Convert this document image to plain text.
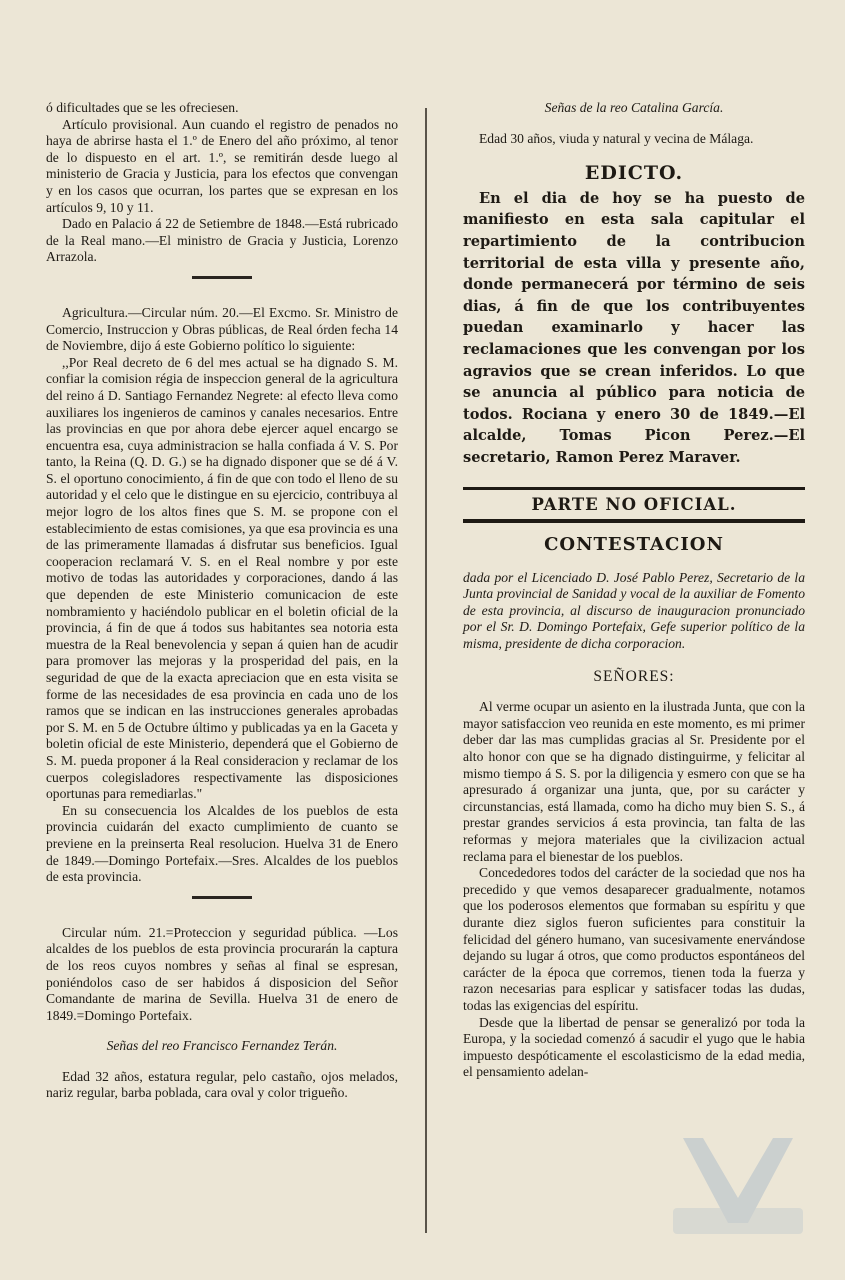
ó dificultades que se les ofreciesen.

Artículo provisional. Aun cuando el registro de penados no haya de abrirse hasta el 1.º de Enero del año próximo, al tenor de lo dispuesto en el art. 1.º, se remitirán desde luego al ministerio de Gracia y Justicia, para los efectos que convengan y en los casos que ocurran, los partes que se expresan en los artículos 9, 10 y 11.

Dado en Palacio á 22 de Setiembre de 1848.—Está rubricado de la Real mano.—El ministro de Gracia y Justicia, Lorenzo Arrazola.

Agricultura.—Circular núm. 20.—El Excmo. Sr. Ministro de Comercio, Instruccion y Obras públicas, de Real órden fecha 14 de Noviembre, dijo á este Gobierno político lo siguiente:

,,Por Real decreto de 6 del mes actual se ha dignado S. M. confiar la comision régia de inspeccion general de la agricultura del reino á D. Santiago Fernandez Negrete: al efecto lleva como auxiliares los ingenieros de caminos y canales necesarios. Entre las provincias en que por ahora debe ejercer aquel encargo se encuentra esa, cuya administracion se halla confiada á V. S. Por tanto, la Reina (Q. D. G.) se ha dignado disponer que se dé á V. S. el oportuno conocimiento, á fin de que con todo el lleno de su autoridad y el celo que le distingue en su ejercicio, contribuya al mejor logro de los altos fines que S. M. se propone con el establecimiento de estas comisiones, ya que esa provincia es una de las primeramente llamadas á disfrutar sus beneficios. Igual cooperacion reclamará V. S. en el Real nombre y por este motivo de todas las autoridades y corporaciones, dando á las que dependen de este Ministerio comunicacion de este nombramiento y haciéndolo publicar en el boletin oficial de la provincia, á fin de que á todos sus habitantes sea notoria esta muestra de la Real benevolencia y sepan á quien han de acudir para promover las mejoras y la prosperidad del pais, en la seguridad de que de la exacta apreciacion que en esta visita se forme de las necesidades de esa provincia en cada uno de los ramos que se indican en las instrucciones generales aprobadas por S. M. en 5 de Octubre último y publicadas ya en la Gaceta y boletin oficial de este Ministerio, dependerá que el Gobierno de S. M. pueda proponer á la Real consideracion y reclamar de los cuerpos colegisladores respectivamente las disposiciones oportunas para remediarlas."

En su consecuencia los Alcaldes de los pueblos de esta provincia cuidarán del exacto cumplimiento de cuanto se previene en la preinserta Real resolucion. Huelva 31 de Enero de 1849.—Domingo Portefaix.—Sres. Alcaldes de los pueblos de esta provincia.

Circular núm. 21.=Proteccion y seguridad pública. —Los alcaldes de los pueblos de esta provincia procurarán la captura de los reos cuyos nombres y señas al final se espresan, poniéndolos caso de ser habidos á disposicion del Señor Comandante de marina de Sevilla. Huelva 31 de enero de 1849.=Domingo Portefaix.

Señas del reo Francisco Fernandez Terán.

Edad 32 años, estatura regular, pelo castaño, ojos melados, nariz regular, barba poblada, cara oval y color trigueño.

Señas de la reo Catalina García.

Edad 30 años, viuda y natural y vecina de Málaga.

EDICTO.

En el dia de hoy se ha puesto de manifiesto en esta sala capitular el repartimiento de la contribucion territorial de esta villa y presente año, donde permanecerá por término de seis dias, á fin de que los contribuyentes puedan examinarlo y hacer las reclamaciones que les convengan por los agravios que se crean inferidos. Lo que se anuncia al público para noticia de todos. Rociana y enero 30 de 1849.—El alcalde, Tomas Picon Perez.—El secretario, Ramon Perez Maraver.

PARTE NO OFICIAL.
CONTESTACION

dada por el Licenciado D. José Pablo Perez, Secretario de la Junta provincial de Sanidad y vocal de la auxiliar de Fomento de esta provincia, al discurso de inauguracion pronunciado por el Sr. D. Domingo Portefaix, Gefe superior político de la misma, presidente de dicha corporacion.

SEÑORES:

Al verme ocupar un asiento en la ilustrada Junta, que con la mayor satisfaccion veo reunida en este momento, es mi primer deber dar las mas cumplidas gracias al Sr. Presidente por el alto honor con que se ha dignado distinguirme, y felicitar al mismo tiempo á S. S. por la diligencia y esmero con que se ha apresurado á organizar una junta, que, por su carácter y circunstancias, está llamada, como ha dicho muy bien S. S., á prestar grandes servicios á esta provincia, tan falta de las reformas y mejora materiales que la civilizacion actual reclama para el bienestar de los pueblos.

Concededores todos del carácter de la sociedad que nos ha precedido y que vemos desaparecer gradualmente, notamos que los poderosos elementos que formaban su espíritu y que durante diez siglos fueron suficientes para constituir la felicidad del género humano, van sucesivamente enervándose dejando su lugar á otros, que como productos espontáneos del carácter de la época que corremos, tienen toda la fuerza y razon necesarias para esplicar y satisfacer todas las dudas, todas las exigencias del espíritu.

Desde que la libertad de pensar se generalizó por toda la Europa, y la sociedad comenzó á sacudir el yugo que le habia impuesto despóticamente el escolasticismo de la edad media, el pensamiento adelan-
